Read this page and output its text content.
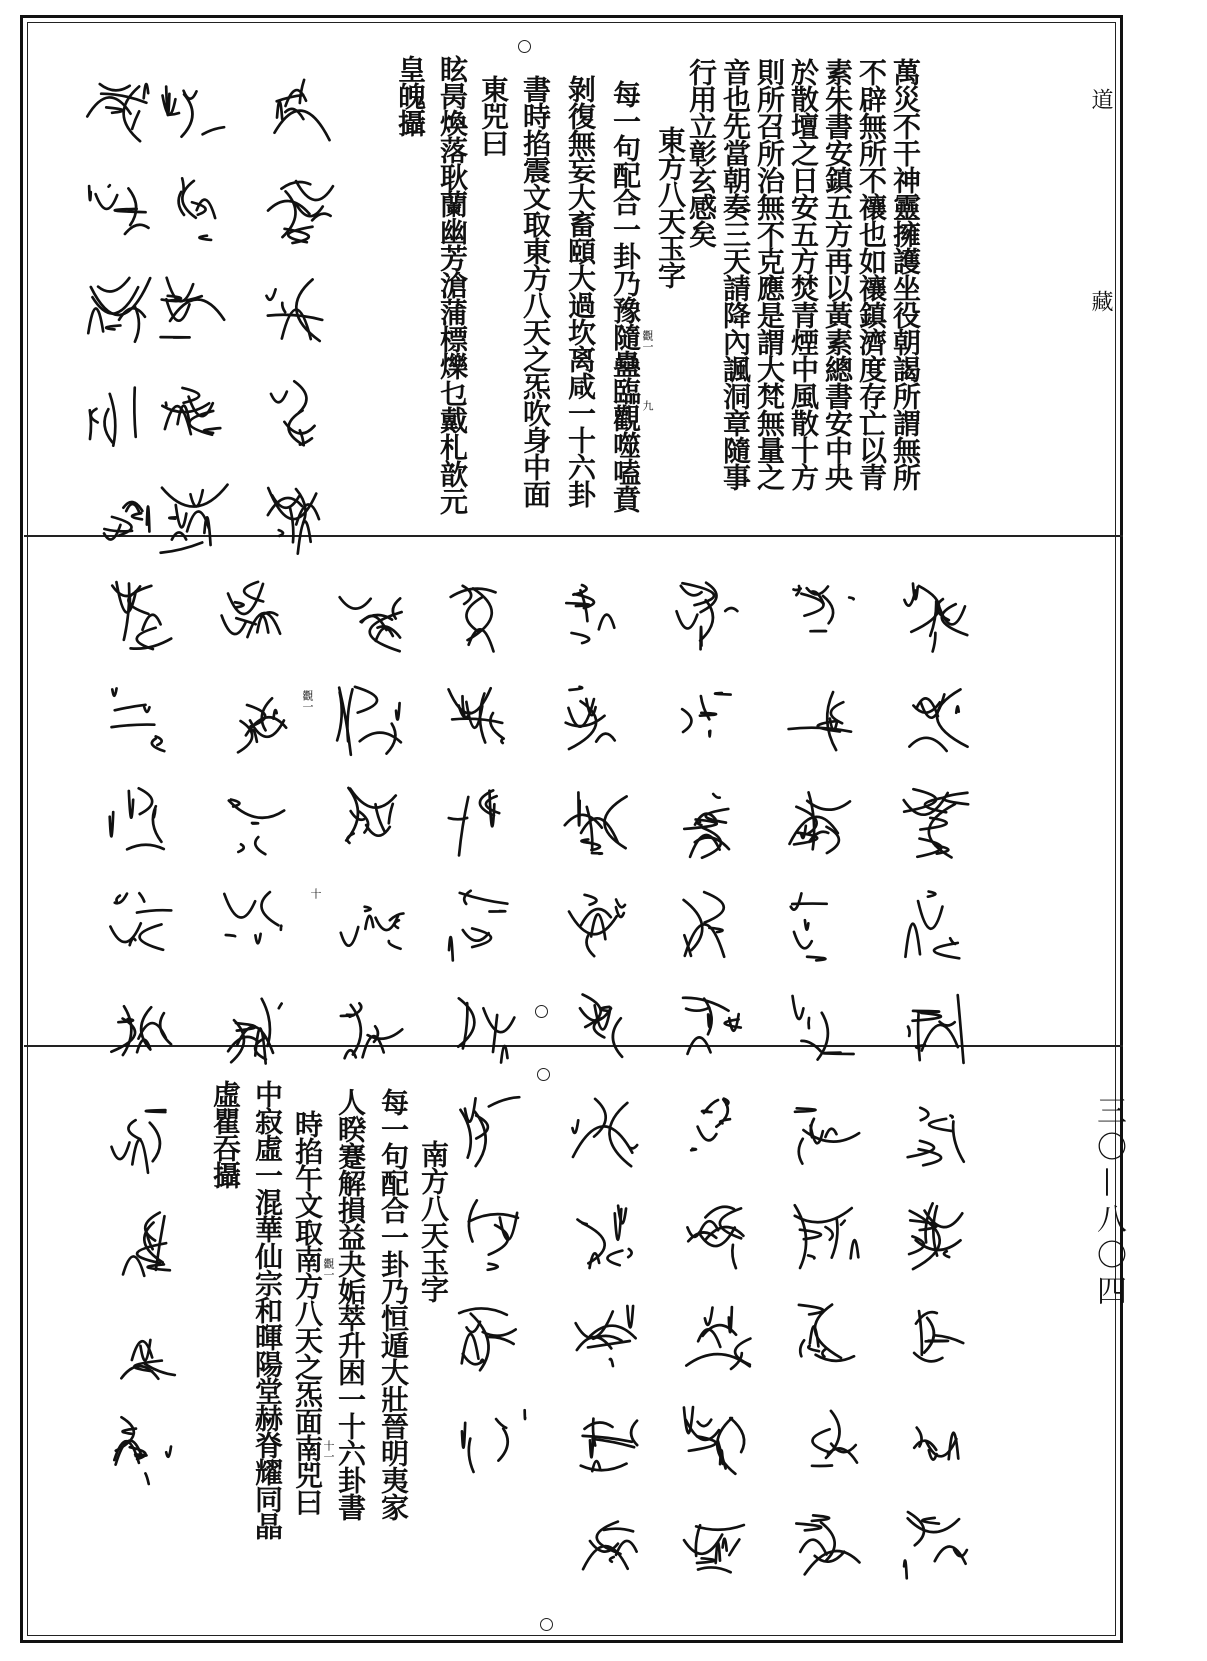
道
藏
三〇—八〇四
萬災不干神靈擁護坐役朝謁所謂無所
不辟無所不禳也如禳鎮濟度存亡以青
素朱書安鎮五方再以黃素總書安中央
於散壇之日安五方焚青煙中風散十方
則所召所治無不克應是謂大梵無量之
音也先當朝奏三天請降內諷洞章隨事
行用立彰玄感矣
東方八天玉字
每一句配合一卦乃豫隨蠱臨觀噬嗑賁
剝復無妄大畜頤大過坎离咸一十六卦
書時掐震文取東方八天之炁吹身中面
東兕曰
眩昺煥落耿蘭幽芳滄蒲標爍乜戴札歆元
皇魄攝
觀一
九
觀一
十
南方八天玉字
每一句配合一卦乃恒遁大壯晉明夷家
人睽蹇解損益夬姤萃升困一十六卦書
時掐午文取南方八天之炁面南兕曰
中寂虛一混華仙宗和暉陽堂赫脊耀同晶
虛瞿吞攝
觀一
十一
